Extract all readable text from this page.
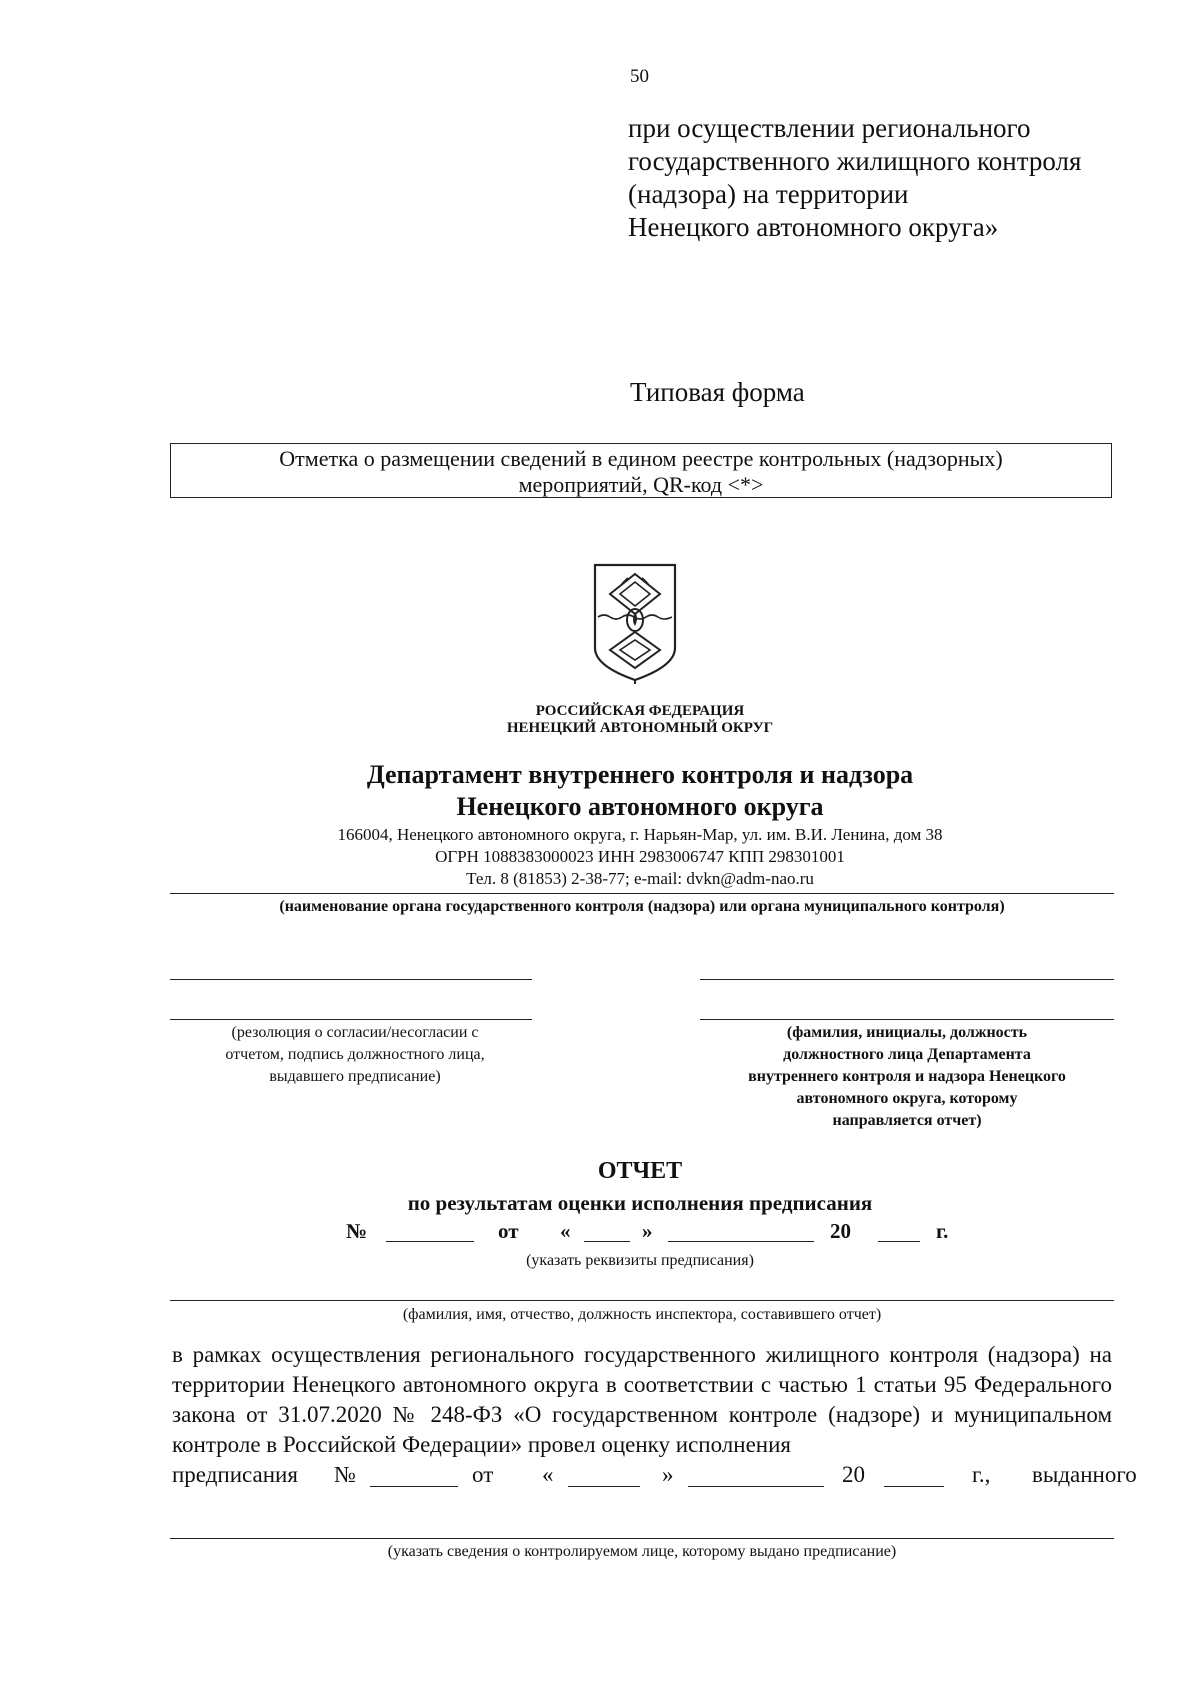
50
при осуществлении регионального
государственного жилищного контроля
(надзора) на территории
Ненецкого автономного округа»
Типовая форма
Отметка о размещении сведений в едином реестре контрольных (надзорных)
мероприятий, QR-код <*>
РОССИЙСКАЯ ФЕДЕРАЦИЯ
НЕНЕЦКИЙ АВТОНОМНЫЙ ОКРУГ
Департамент внутреннего контроля и надзора
Ненецкого автономного округа
166004, Ненецкого автономного округа, г. Нарьян-Мар, ул. им. В.И. Ленина, дом 38
ОГРН 1088383000023 ИНН 2983006747 КПП 298301001
Тел. 8 (81853) 2-38-77; e-mail: dvkn@adm-nao.ru
(наименование органа государственного контроля (надзора) или органа муниципального контроля)
(резолюция о согласии/несогласии с
отчетом, подпись должностного лица,
выдавшего предписание)
(фамилия, инициалы, должность
должностного лица Департамента
внутреннего контроля и надзора Ненецкого
автономного округа, которому
направляется отчет)
ОТЧЕТ
по результатам оценки исполнения предписания
№	от «	»	20	г.
(указать реквизиты предписания)
(фамилия, имя, отчество, должность инспектора, составившего отчет)
в рамках осуществления регионального государственного жилищного контроля (надзора) на территории Ненецкого автономного округа в соответствии с частью 1 статьи 95 Федерального закона от 31.07.2020 № 248-ФЗ «О государственном контроле (надзоре) и муниципальном контроле в Российской Федерации» провел оценку исполнения
предписания №	от «	»	20	г., выданного
(указать сведения о контролируемом лице, которому выдано предписание)
